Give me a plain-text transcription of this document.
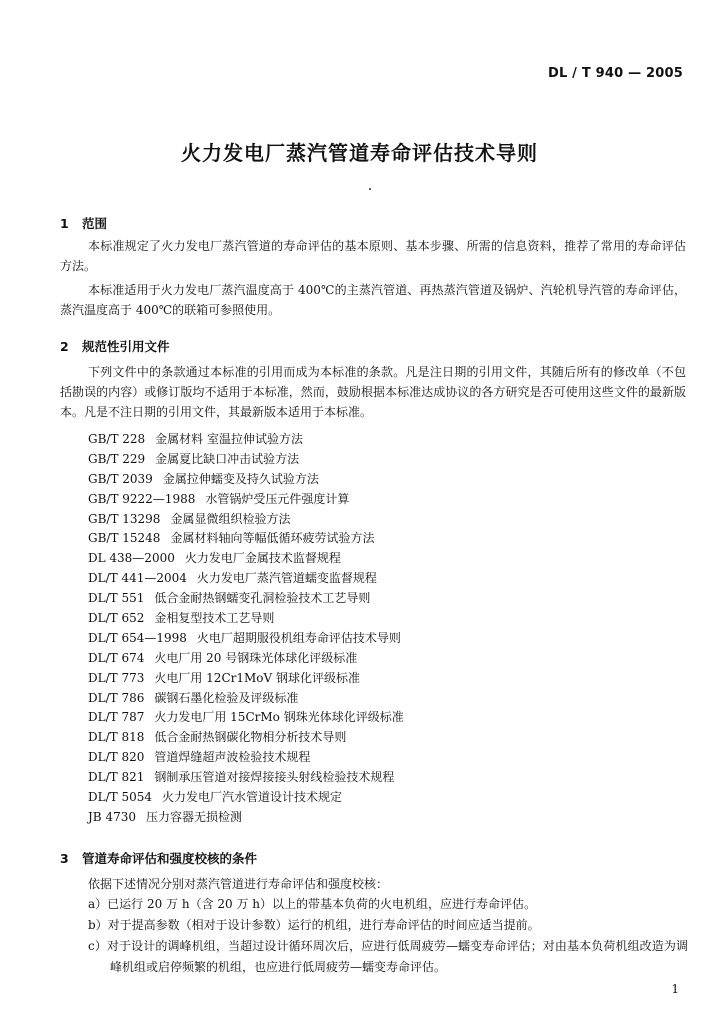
DL / T 940 — 2005
火力发电厂蒸汽管道寿命评估技术导则
1 范围

本标准规定了火力发电厂蒸汽管道的寿命评估的基本原则、基本步骤、所需的信息资料，推荐了常用的寿命评估方法。

本标准适用于火力发电厂蒸汽温度高于 400℃的主蒸汽管道、再热蒸汽管道及锅炉、汽轮机导汽管的寿命评估，蒸汽温度高于 400℃的联箱可参照使用。

2 规范性引用文件

下列文件中的条款通过本标准的引用而成为本标准的条款。凡是注日期的引用文件，其随后所有的修改单（不包括勘误的内容）或修订版均不适用于本标准，然而，鼓励根据本标准达成协议的各方研究是否可使用这些文件的最新版本。凡是不注日期的引用文件，其最新版本适用于本标准。

GB/T 228 金属材料 室温拉伸试验方法
GB/T 229 金属夏比缺口冲击试验方法
GB/T 2039 金属拉伸蠕变及持久试验方法
GB/T 9222—1988 水管锅炉受压元件强度计算
GB/T 13298 金属显微组织检验方法
GB/T 15248 金属材料轴向等幅低循环疲劳试验方法
DL 438—2000 火力发电厂金属技术监督规程
DL/T 441—2004 火力发电厂蒸汽管道蠕变监督规程
DL/T 551 低合金耐热钢蠕变孔洞检验技术工艺导则
DL/T 652 金相复型技术工艺导则
DL/T 654—1998 火电厂超期服役机组寿命评估技术导则
DL/T 674 火电厂用 20 号钢珠光体球化评级标准
DL/T 773 火电厂用 12Cr1MoV 钢球化评级标准
DL/T 786 碳钢石墨化检验及评级标准
DL/T 787 火力发电厂用 15CrMo 钢珠光体球化评级标准
DL/T 818 低合金耐热钢碳化物相分析技术导则
DL/T 820 管道焊缝超声波检验技术规程
DL/T 821 钢制承压管道对接焊接接头射线检验技术规程
DL/T 5054 火力发电厂汽水管道设计技术规定
JB 4730 压力容器无损检测
3 管道寿命评估和强度校核的条件

依据下述情况分别对蒸汽管道进行寿命评估和强度校核：

a）已运行 20 万 h（含 20 万 h）以上的带基本负荷的火电机组，应进行寿命评估。
b）对于提高参数（相对于设计参数）运行的机组，进行寿命评估的时间应适当提前。
c）对于设计的调峰机组，当超过设计循环周次后，应进行低周疲劳—蠕变寿命评估；对由基本负荷机组改造为调峰机组或启停频繁的机组，也应进行低周疲劳—蠕变寿命评估。
1
